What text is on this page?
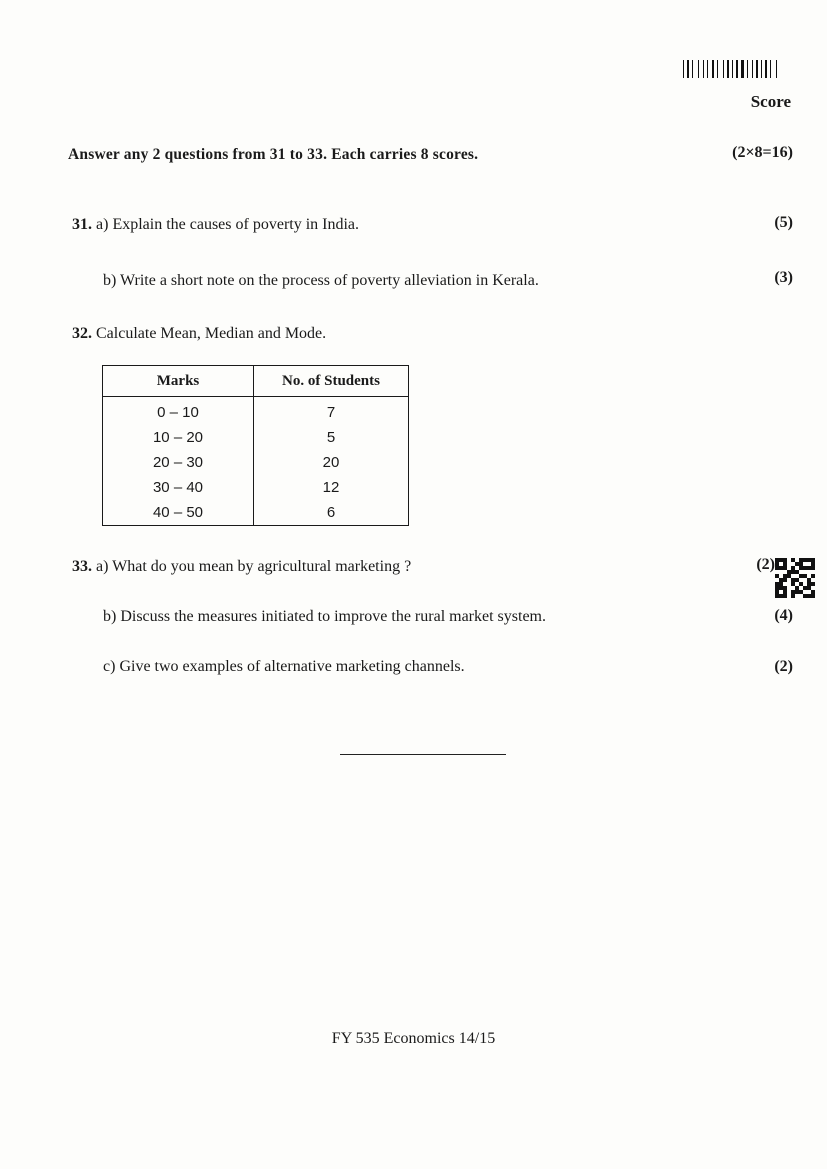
Score
Answer any 2 questions from 31 to 33. Each carries 8 scores.	(2×8=16)
31. a) Explain the causes of poverty in India.	(5)
b) Write a short note on the process of poverty alleviation in Kerala.	(3)
32. Calculate Mean, Median and Mode.
Marks	No. of Students
0 – 10	7
10 – 20	5
20 – 30	20
30 – 40	12
40 – 50	6
33. a) What do you mean by agricultural marketing ?	(2)
b) Discuss the measures initiated to improve the rural market system.	(4)
c) Give two examples of alternative marketing channels.	(2)
FY 535 Economics 14/15
